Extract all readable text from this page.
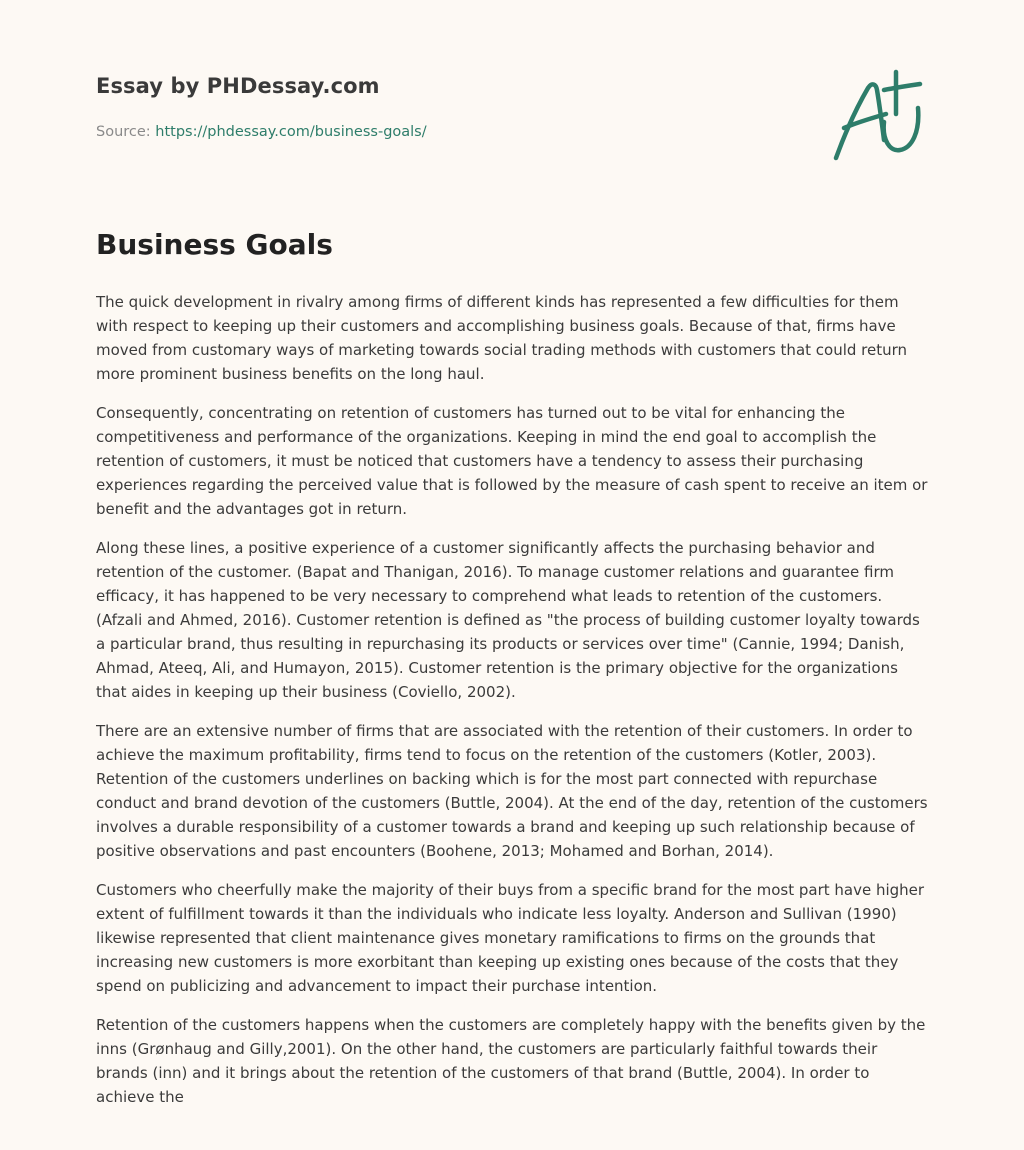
Essay by PHDessay.com
Source: https://phdessay.com/business-goals/
Business Goals

The quick development in rivalry among firms of different kinds has represented a few difficulties for them with respect to keeping up their customers and accomplishing business goals. Because of that, firms have moved from customary ways of marketing towards social trading methods with customers that could return more prominent business benefits on the long haul.

Consequently, concentrating on retention of customers has turned out to be vital for enhancing the competitiveness and performance of the organizations. Keeping in mind the end goal to accomplish the retention of customers, it must be noticed that customers have a tendency to assess their purchasing experiences regarding the perceived value that is followed by the measure of cash spent to receive an item or benefit and the advantages got in return.

Along these lines, a positive experience of a customer significantly affects the purchasing behavior and retention of the customer. (Bapat and Thanigan, 2016). To manage customer relations and guarantee firm efficacy, it has happened to be very necessary to comprehend what leads to retention of the customers. (Afzali and Ahmed, 2016). Customer retention is defined as "the process of building customer loyalty towards a particular brand, thus resulting in repurchasing its products or services over time" (Cannie, 1994; Danish, Ahmad, Ateeq, Ali, and Humayon, 2015). Customer retention is the primary objective for the organizations that aides in keeping up their business (Coviello, 2002).

There are an extensive number of firms that are associated with the retention of their customers. In order to achieve the maximum profitability, firms tend to focus on the retention of the customers (Kotler, 2003). Retention of the customers underlines on backing which is for the most part connected with repurchase conduct and brand devotion of the customers (Buttle, 2004). At the end of the day, retention of the customers involves a durable responsibility of a customer towards a brand and keeping up such relationship because of positive observations and past encounters (Boohene, 2013; Mohamed and Borhan, 2014).

Customers who cheerfully make the majority of their buys from a specific brand for the most part have higher extent of fulfillment towards it than the individuals who indicate less loyalty. Anderson and Sullivan (1990) likewise represented that client maintenance gives monetary ramifications to firms on the grounds that increasing new customers is more exorbitant than keeping up existing ones because of the costs that they spend on publicizing and advancement to impact their purchase intention.

Retention of the customers happens when the customers are completely happy with the benefits given by the inns (Grønhaug and Gilly,2001). On the other hand, the customers are particularly faithful towards their brands (inn) and it brings about the retention of the customers of that brand (Buttle, 2004). In order to achieve the
